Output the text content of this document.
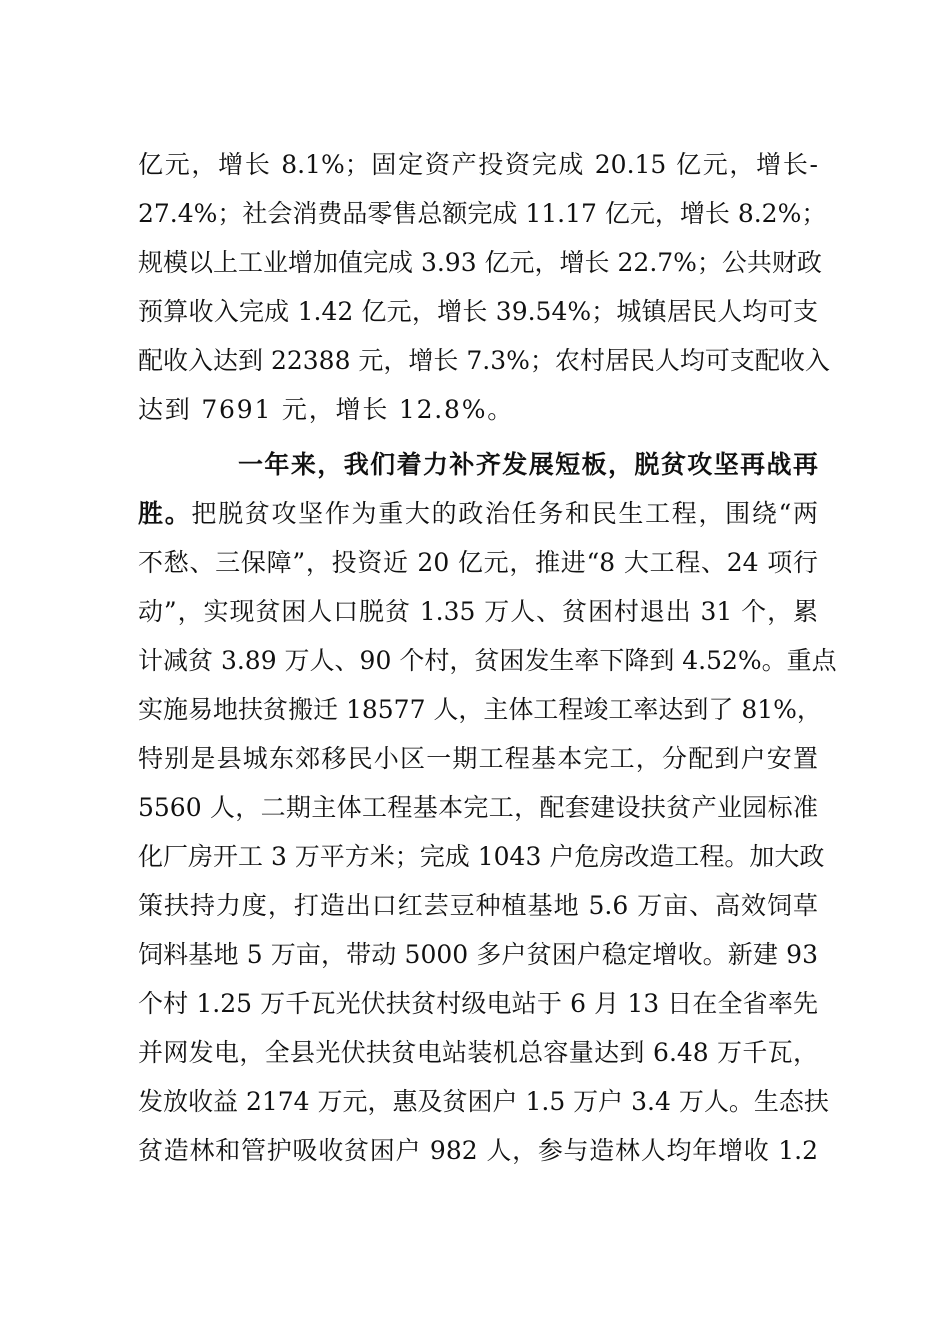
亿元，增长 8.1%；固定资产投资完成 20.15 亿元，增长-
27.4%；社会消费品零售总额完成 11.17 亿元，增长 8.2%；
规模以上工业增加值完成 3.93 亿元，增长 22.7%；公共财政
预算收入完成 1.42 亿元，增长 39.54%；城镇居民人均可支
配收入达到 22388 元，增长 7.3%；农村居民人均可支配收入
达到 7691 元，增长 12.8%。
一年来，我们着力补齐发展短板，脱贫攻坚再战再
胜。把脱贫攻坚作为重大的政治任务和民生工程，围绕“两
不愁、三保障”，投资近 20 亿元，推进“8 大工程、24 项行
动”，实现贫困人口脱贫 1.35 万人、贫困村退出 31 个，累
计减贫 3.89 万人、90 个村，贫困发生率下降到 4.52%。重点
实施易地扶贫搬迁 18577 人，主体工程竣工率达到了 81%，
特别是县城东郊移民小区一期工程基本完工，分配到户安置
5560 人，二期主体工程基本完工，配套建设扶贫产业园标准
化厂房开工 3 万平方米；完成 1043 户危房改造工程。加大政
策扶持力度，打造出口红芸豆种植基地 5.6 万亩、高效饲草
饲料基地 5 万亩，带动 5000 多户贫困户稳定增收。新建 93
个村 1.25 万千瓦光伏扶贫村级电站于 6 月 13 日在全省率先
并网发电，全县光伏扶贫电站装机总容量达到 6.48 万千瓦，
发放收益 2174 万元，惠及贫困户 1.5 万户 3.4 万人。生态扶
贫造林和管护吸收贫困户 982 人，参与造林人均年增收 1.2
